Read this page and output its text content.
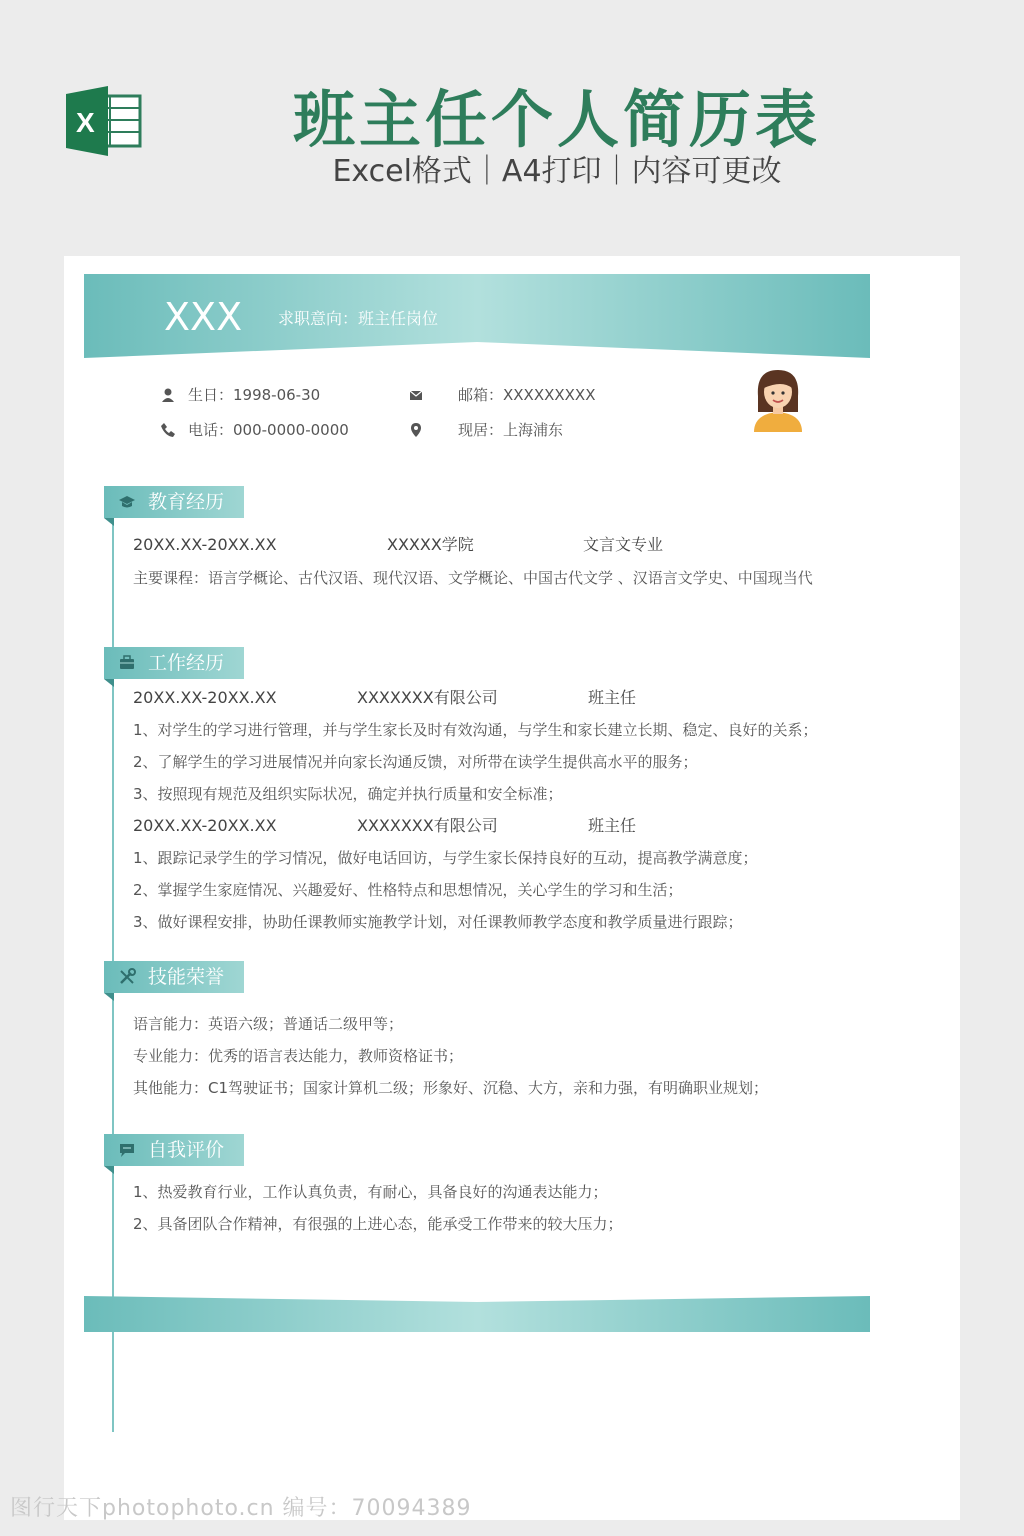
X	班主任个人简历表
Excel格式｜A4打印｜内容可更改
XXX 求职意向：班主任岗位
生日：1998-06-30	邮箱：XXXXXXXXX
电话：000-0000-0000	现居：上海浦东
教育经历
20XX.XX-20XX.XX	XXXXX学院	文言文专业
主要课程：语言学概论、古代汉语、现代汉语、文学概论、中国古代文学 、汉语言文学史、中国现当代
工作经历
20XX.XX-20XX.XX	XXXXXXX有限公司	班主任
1、对学生的学习进行管理，并与学生家长及时有效沟通，与学生和家长建立长期、稳定、良好的关系；
2、了解学生的学习进展情况并向家长沟通反馈，对所带在读学生提供高水平的服务；
3、按照现有规范及组织实际状况，确定并执行质量和安全标准；
20XX.XX-20XX.XX	XXXXXXX有限公司	班主任
1、跟踪记录学生的学习情况，做好电话回访，与学生家长保持良好的互动，提高教学满意度；
2、掌握学生家庭情况、兴趣爱好、性格特点和思想情况，关心学生的学习和生活；
3、做好课程安排，协助任课教师实施教学计划，对任课教师教学态度和教学质量进行跟踪；
技能荣誉
语言能力：英语六级；普通话二级甲等；
专业能力：优秀的语言表达能力，教师资格证书；
其他能力：C1驾驶证书；国家计算机二级；形象好、沉稳、大方，亲和力强，有明确职业规划；
自我评价
1、热爱教育行业，工作认真负责，有耐心，具备良好的沟通表达能力；
2、具备团队合作精神，有很强的上进心态，能承受工作带来的较大压力；
图行天下photophoto.cn 编号：70094389
